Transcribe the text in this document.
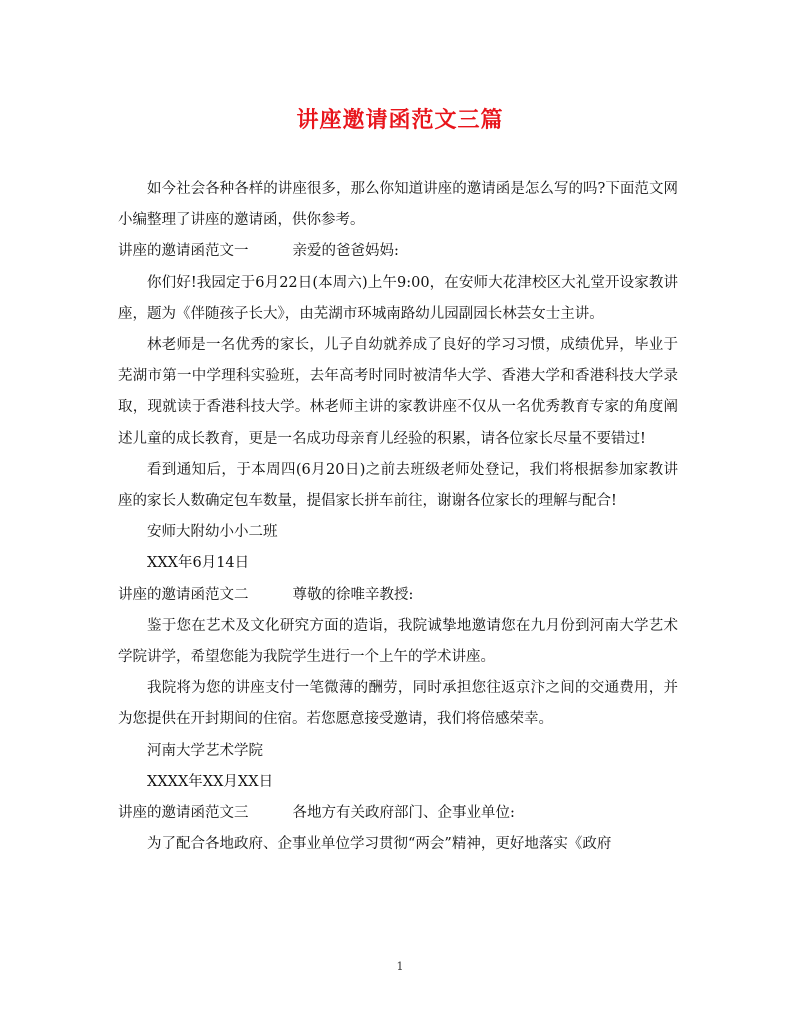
讲座邀请函范文三篇

如今社会各种各样的讲座很多，那么你知道讲座的邀请函是怎么写的吗?下面范文网小编整理了讲座的邀请函，供你参考。

讲座的邀请函范文一	亲爱的爸爸妈妈:

你们好!我园定于6月22日(本周六)上午9:00，在安师大花津校区大礼堂开设家教讲座，题为《伴随孩子长大》，由芜湖市环城南路幼儿园副园长林芸女士主讲。

林老师是一名优秀的家长，儿子自幼就养成了良好的学习习惯，成绩优异，毕业于芜湖市第一中学理科实验班，去年高考时同时被清华大学、香港大学和香港科技大学录取，现就读于香港科技大学。林老师主讲的家教讲座不仅从一名优秀教育专家的角度阐述儿童的成长教育，更是一名成功母亲育儿经验的积累，请各位家长尽量不要错过!

看到通知后，于本周四(6月20日)之前去班级老师处登记，我们将根据参加家教讲座的家长人数确定包车数量，提倡家长拼车前往，谢谢各位家长的理解与配合!

安师大附幼小小二班

XXX年6月14日

讲座的邀请函范文二	尊敬的徐唯辛教授:

鉴于您在艺术及文化研究方面的造诣，我院诚挚地邀请您在九月份到河南大学艺术学院讲学，希望您能为我院学生进行一个上午的学术讲座。

我院将为您的讲座支付一笔微薄的酬劳，同时承担您往返京汴之间的交通费用，并为您提供在开封期间的住宿。若您愿意接受邀请，我们将倍感荣幸。

河南大学艺术学院

XXXX年XX月XX日

讲座的邀请函范文三	各地方有关政府部门、企事业单位:

为了配合各地政府、企事业单位学习贯彻“两会”精神，更好地落实《政府

1
